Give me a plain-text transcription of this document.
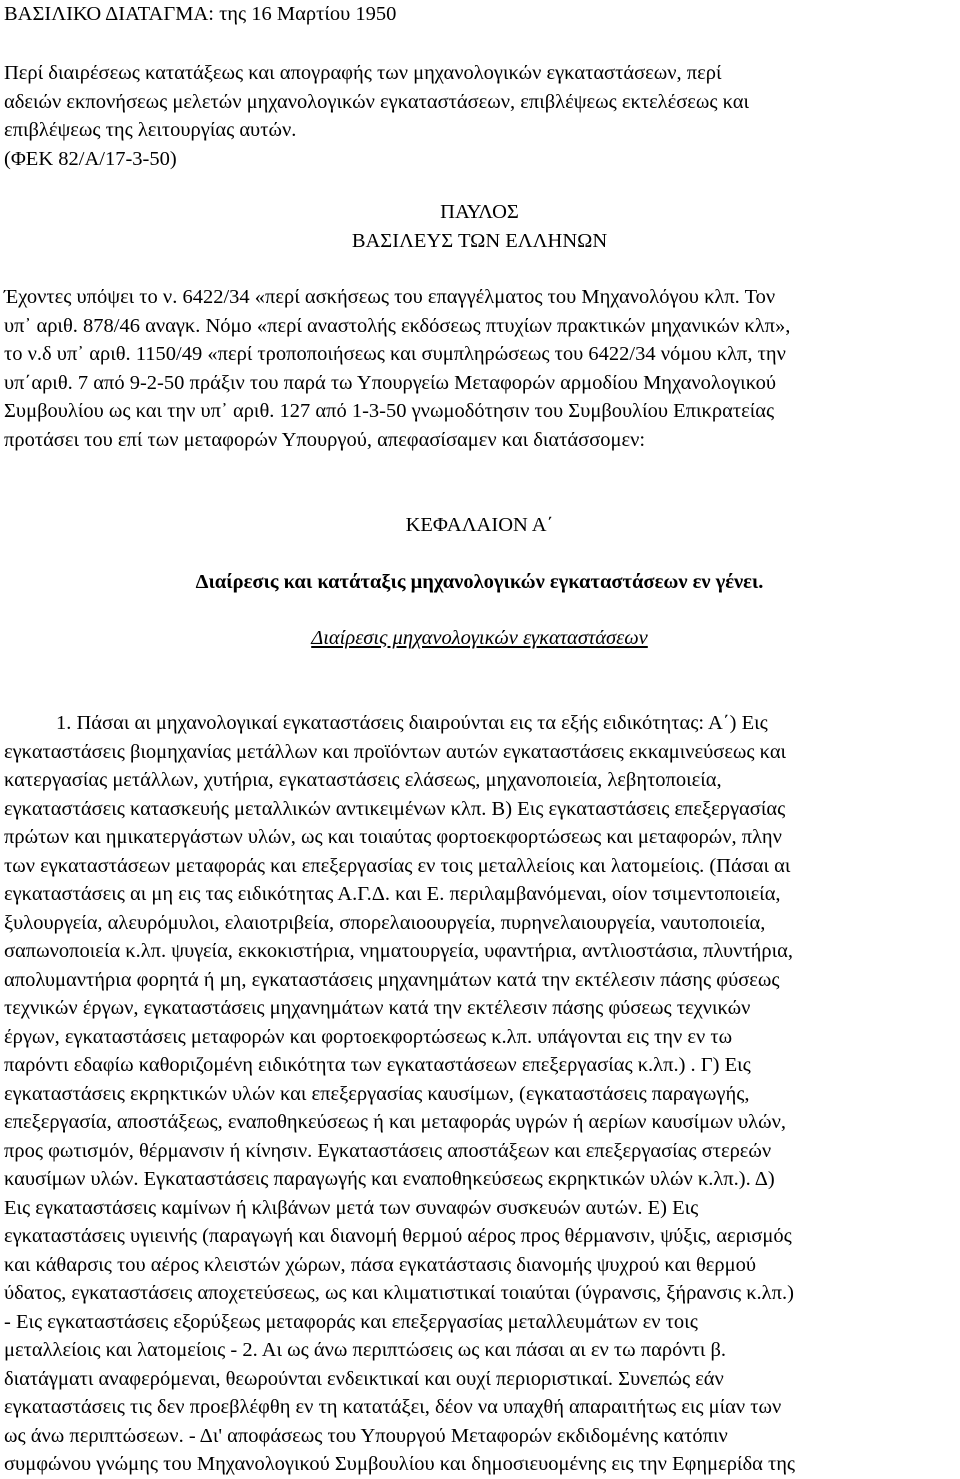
ΒΑΣΙΛΙΚΟ ΔΙΑΤΑΓΜΑ: της 16 Μαρτίου 1950
Περί διαιρέσεως κατατάξεως και απογραφής των μηχανολογικών εγκαταστάσεων, περί
αδειών εκπονήσεως μελετών μηχανολογικών εγκαταστάσεων, επιβλέψεως εκτελέσεως και
επιβλέψεως της λειτουργίας αυτών.
(ΦΕΚ 82/Α/17-3-50)
ΠΑΥΛΟΣ
ΒΑΣΙΛΕΥΣ ΤΩΝ ΕΛΛΗΝΩΝ
Έχοντες υπόψει το ν. 6422/34 «περί ασκήσεως του επαγγέλματος του Μηχανολόγου κλπ. Τον
υπ᾽ αριθ. 878/46 αναγκ. Νόμο «περί αναστολής εκδόσεως πτυχίων πρακτικών μηχανικών κλπ»,
το ν.δ υπ᾽ αριθ. 1150/49 «περί τροποποιήσεως και συμπληρώσεως του 6422/34 νόμου κλπ, την
υπ΄αριθ. 7 από 9-2-50 πράξιν του παρά τω Υπουργείω Μεταφορών αρμοδίου Μηχανολογικού
Συμβουλίου ως και την υπ᾽ αριθ. 127 από 1-3-50 γνωμοδότησιν του Συμβουλίου Επικρατείας
προτάσει του επί των μεταφορών Υπουργού, απεφασίσαμεν και διατάσσομεν:
ΚΕΦΑΛΑΙΟΝ Α΄
Διαίρεσις και κατάταξις μηχανολογικών εγκαταστάσεων εν γένει.
Διαίρεσις μηχανολογικών εγκαταστάσεων
1. Πάσαι αι μηχανολογικαί εγκαταστάσεις διαιρούνται εις τα εξής ειδικότητας: Α΄) Εις
εγκαταστάσεις βιομηχανίας μετάλλων και προϊόντων αυτών εγκαταστάσεις εκκαμινεύσεως και
κατεργασίας μετάλλων, χυτήρια, εγκαταστάσεις ελάσεως, μηχανοποιεία, λεβητοποιεία,
εγκαταστάσεις κατασκευής μεταλλικών αντικειμένων κλπ. Β) Εις εγκαταστάσεις επεξεργασίας
πρώτων και ημικατεργάστων υλών, ως και τοιαύτας φορτοεκφορτώσεως και μεταφορών, πλην
των εγκαταστάσεων μεταφοράς και επεξεργασίας εν τοις μεταλλείοις και λατομείοις. (Πάσαι αι
εγκαταστάσεις αι μη εις τας ειδικότητας Α.Γ.Δ. και Ε. περιλαμβανόμεναι, οίον τσιμεντοποιεία,
ξυλουργεία, αλευρόμυλοι, ελαιοτριβεία, σπορελαιοουργεία, πυρηνελαιουργεία, ναυτοποιεία,
σαπωνοποιεία κ.λπ. ψυγεία, εκκοκιστήρια, νηματουργεία, υφαντήρια, αντλιοστάσια, πλυντήρια,
απολυμαντήρια φορητά ή μη, εγκαταστάσεις μηχανημάτων κατά την εκτέλεσιν πάσης φύσεως
τεχνικών έργων, εγκαταστάσεις μηχανημάτων κατά την εκτέλεσιν πάσης φύσεως τεχνικών
έργων, εγκαταστάσεις μεταφορών και φορτοεκφορτώσεως κ.λπ. υπάγονται εις την εν τω
παρόντι εδαφίω καθοριζομένη ειδικότητα των εγκαταστάσεων επεξεργασίας κ.λπ.) . Γ) Εις
εγκαταστάσεις εκρηκτικών υλών και επεξεργασίας καυσίμων, (εγκαταστάσεις παραγωγής,
επεξεργασία, αποστάξεως, εναποθηκεύσεως ή και μεταφοράς υγρών ή αερίων καυσίμων υλών,
προς φωτισμόν, θέρμανσιν ή κίνησιν. Εγκαταστάσεις αποστάξεων και επεξεργασίας στερεών
καυσίμων υλών. Εγκαταστάσεις παραγωγής και εναποθηκεύσεως εκρηκτικών υλών κ.λπ.). Δ)
Εις εγκαταστάσεις καμίνων ή κλιβάνων μετά των συναφών συσκευών αυτών. Ε) Εις
εγκαταστάσεις υγιεινής (παραγωγή και διανομή θερμού αέρος προς θέρμανσιν, ψύξις, αερισμός
και κάθαρσις του αέρος κλειστών χώρων, πάσα εγκατάστασις διανομής ψυχρού και θερμού
ύδατος, εγκαταστάσεις αποχετεύσεως, ως και κλιματιστικαί τοιαύται (ύγρανσις, ξήρανσις κ.λπ.)
- Εις εγκαταστάσεις εξορύξεως μεταφοράς και επεξεργασίας μεταλλευμάτων εν τοις
μεταλλείοις και λατομείοις - 2. Αι ως άνω περιπτώσεις ως και πάσαι αι εν τω παρόντι β.
διατάγματι αναφερόμεναι, θεωρούνται ενδεικτικαί και ουχί περιοριστικαί. Συνεπώς εάν
εγκαταστάσεις τις δεν προεβλέφθη εν τη κατατάξει, δέον να υπαχθή απαραιτήτως εις μίαν των
ως άνω περιπτώσεων. - Δι' αποφάσεως του Υπουργού Μεταφορών εκδιδομένης κατόπιν
συμφώνου γνώμης του Μηχανολογικού Συμβουλίου και δημοσιευομένης εις την Εφημερίδα της
